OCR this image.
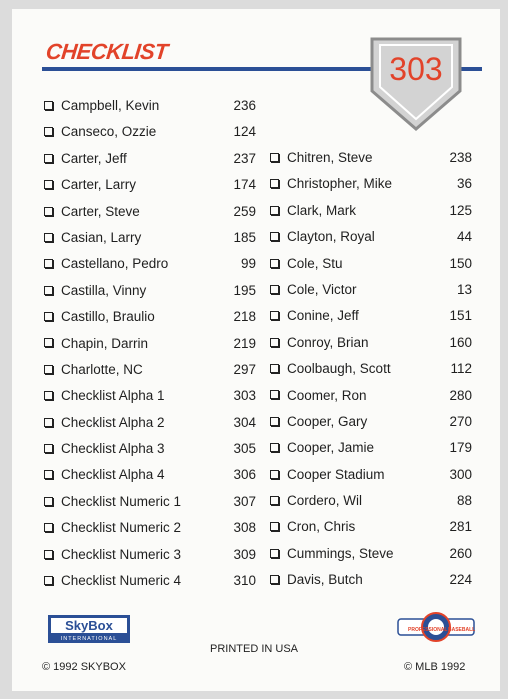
CHECKLIST	303
Campbell, Kevin	236
Canseco, Ozzie	124
Carter, Jeff	237
Carter, Larry	174
Carter, Steve	259
Casian, Larry	185
Castellano, Pedro	99
Castilla, Vinny	195
Castillo, Braulio	218
Chapin, Darrin	219
Charlotte, NC	297
Checklist Alpha 1	303
Checklist Alpha 2	304
Checklist Alpha 3	305
Checklist Alpha 4	306
Checklist Numeric 1	307
Checklist Numeric 2	308
Checklist Numeric 3	309
Checklist Numeric 4	310
Chitren, Steve	238
Christopher, Mike	36
Clark, Mark	125
Clayton, Royal	44
Cole, Stu	150
Cole, Victor	13
Conine, Jeff	151
Conroy, Brian	160
Coolbaugh, Scott	112
Coomer, Ron	280
Cooper, Gary	270
Cooper, Jamie	179
Cooper Stadium	300
Cordero, Wil	88
Cron, Chris	281
Cummings, Steve	260
Davis, Butch	224
SkyBox
INTERNATIONAL
PRINTED IN USA
© 1992 SKYBOX	© MLB 1992
PROFESSIONAL BASEBALL
